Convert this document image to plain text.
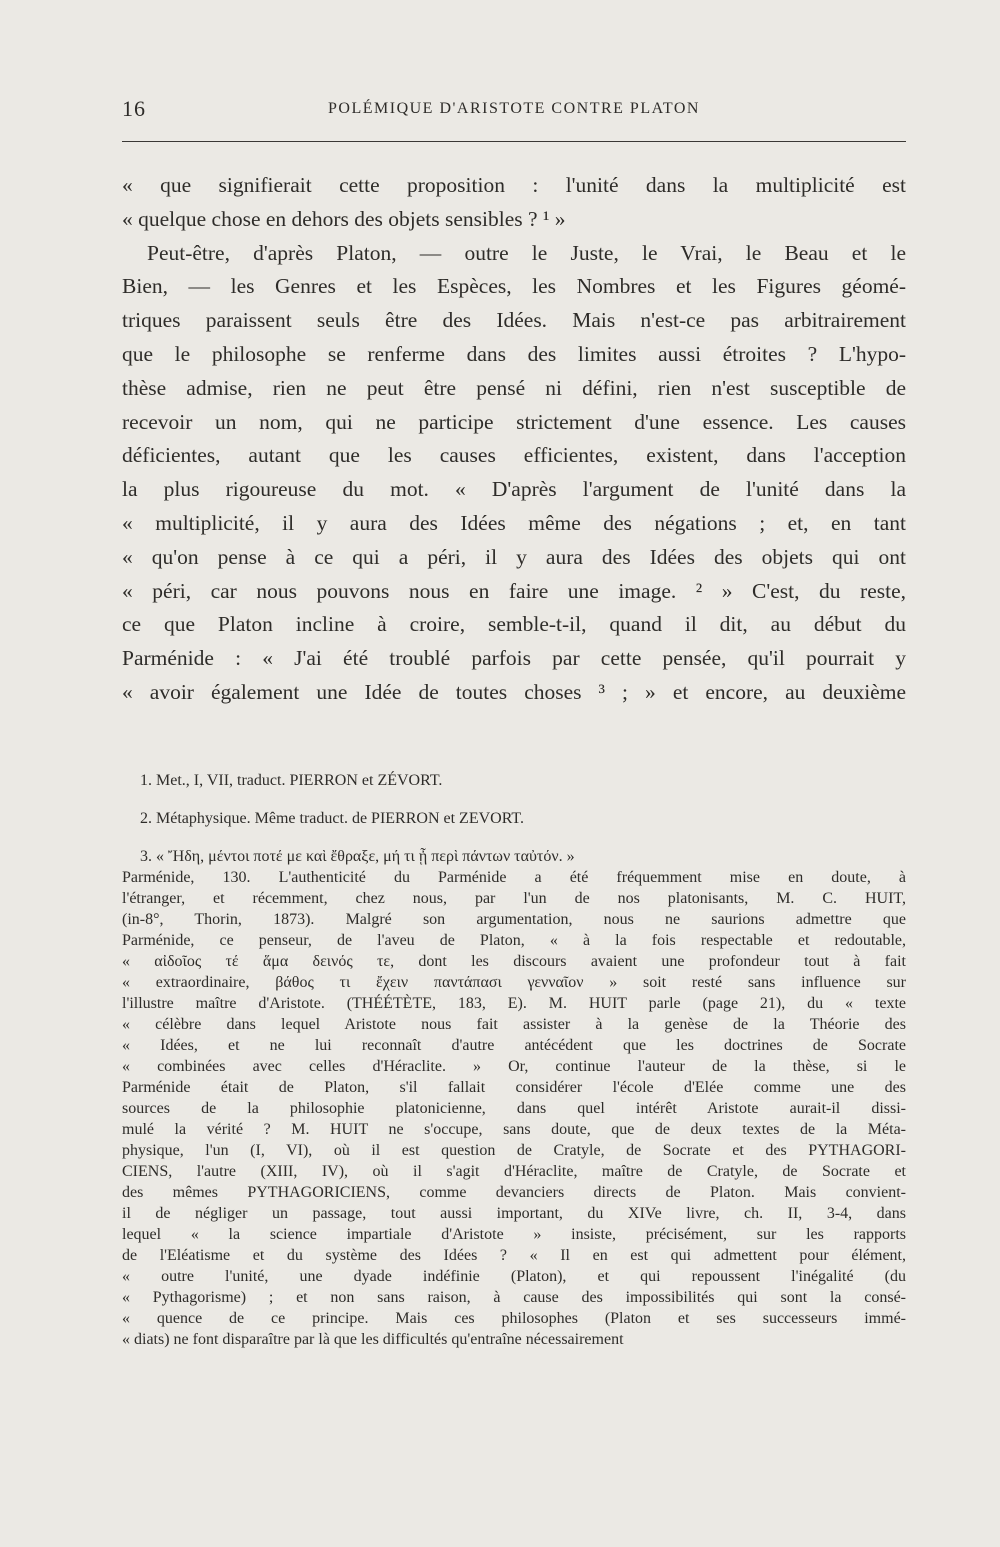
16	POLÉMIQUE D'ARISTOTE CONTRE PLATON
« que signifierait cette proposition : l'unité dans la multiplicité est
« quelque chose en dehors des objets sensibles ? ¹ »
Peut-être, d'après Platon, — outre le Juste, le Vrai, le Beau et le
Bien, — les Genres et les Espèces, les Nombres et les Figures géomé-
triques paraissent seuls être des Idées. Mais n'est-ce pas arbitrairement
que le philosophe se renferme dans des limites aussi étroites ? L'hypo-
thèse admise, rien ne peut être pensé ni défini, rien n'est susceptible de
recevoir un nom, qui ne participe strictement d'une essence. Les causes
déficientes, autant que les causes efficientes, existent, dans l'acception
la plus rigoureuse du mot. « D'après l'argument de l'unité dans la
« multiplicité, il y aura des Idées même des négations ; et, en tant
« qu'on pense à ce qui a péri, il y aura des Idées des objets qui ont
« péri, car nous pouvons nous en faire une image. ² » C'est, du reste,
ce que Platon incline à croire, semble-t-il, quand il dit, au début du
Parménide : « J'ai été troublé parfois par cette pensée, qu'il pourrait y
« avoir également une Idée de toutes choses ³ ; » et encore, au deuxième
1. Met., I, VII, traduct. PIERRON et ZÉVORT.
2. Métaphysique. Même traduct. de PIERRON et ZEVORT.
3. « Ἤδη, μέντοι ποτέ με καὶ ἔθραξε, μή τι ᾖ περὶ πάντων ταὐτόν. »
Parménide, 130. L'authenticité du Parménide a été fréquemment mise en doute, à
l'étranger, et récemment, chez nous, par l'un de nos platonisants, M. C. HUIT,
(in-8°, Thorin, 1873). Malgré son argumentation, nous ne saurions admettre que
Parménide, ce penseur, de l'aveu de Platon, « à la fois respectable et redoutable,
« αἰδοῖος τέ ἅμα δεινός τε, dont les discours avaient une profondeur tout à fait
« extraordinaire, βάθος τι ἔχειν παντάπασι γενναῖον » soit resté sans influence sur
l'illustre maître d'Aristote. (THÉÉTÈTE, 183, E). M. HUIT parle (page 21), du « texte
« célèbre dans lequel Aristote nous fait assister à la genèse de la Théorie des
« Idées, et ne lui reconnaît d'autre antécédent que les doctrines de Socrate
« combinées avec celles d'Héraclite. » Or, continue l'auteur de la thèse, si le
Parménide était de Platon, s'il fallait considérer l'école d'Elée comme une des
sources de la philosophie platonicienne, dans quel intérêt Aristote aurait-il dissi-
mulé la vérité ? M. HUIT ne s'occupe, sans doute, que de deux textes de la Méta-
physique, l'un (I, VI), où il est question de Cratyle, de Socrate et des PYTHAGORI-
CIENS, l'autre (XIII, IV), où il s'agit d'Héraclite, maître de Cratyle, de Socrate et
des mêmes PYTHAGORICIENS, comme devanciers directs de Platon. Mais convient-
il de négliger un passage, tout aussi important, du XIVe livre, ch. II, 3-4, dans
lequel « la science impartiale d'Aristote » insiste, précisément, sur les rapports
de l'Eléatisme et du système des Idées ? « Il en est qui admettent pour élément,
« outre l'unité, une dyade indéfinie (Platon), et qui repoussent l'inégalité (du
« Pythagorisme) ; et non sans raison, à cause des impossibilités qui sont la consé-
« quence de ce principe. Mais ces philosophes (Platon et ses successeurs immé-
« diats) ne font disparaître par là que les difficultés qu'entraîne nécessairement
